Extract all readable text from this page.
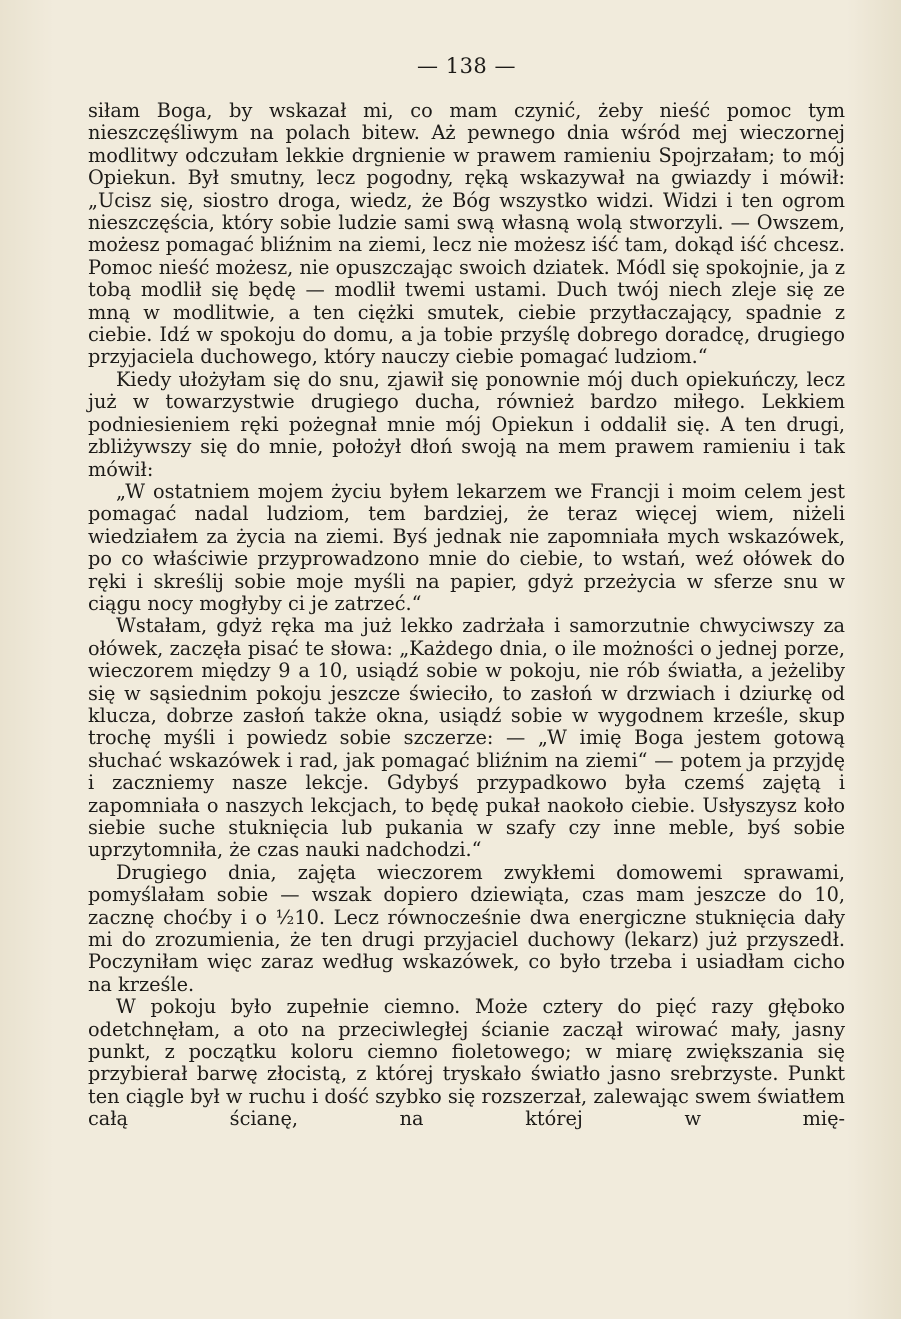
— 138 —

siłam Boga, by wskazał mi, co mam czynić, żeby nieść pomoc tym nieszczęśliwym na polach bitew. Aż pewnego dnia wśród mej wieczornej modlitwy odczułam lekkie drgnienie w prawem ramieniu Spojrzałam; to mój Opiekun. Był smutny, lecz pogodny, ręką wskazywał na gwiazdy i mówił: „Ucisz się, siostro droga, wiedz, że Bóg wszystko widzi. Widzi i ten ogrom nieszczęścia, który sobie ludzie sami swą własną wolą stworzyli. — Owszem, możesz pomagać bliźnim na ziemi, lecz nie możesz iść tam, dokąd iść chcesz. Pomoc nieść możesz, nie opuszczając swoich dziatek. Módl się spokojnie, ja z tobą modlił się będę — modlił twemi ustami. Duch twój niech zleje się ze mną w modlitwie, a ten ciężki smutek, ciebie przytłaczający, spadnie z ciebie. Idź w spokoju do domu, a ja tobie przyślę dobrego doradcę, drugiego przyjaciela duchowego, który nauczy ciebie pomagać ludziom.“

Kiedy ułożyłam się do snu, zjawił się ponownie mój duch opiekuńczy, lecz już w towarzystwie drugiego ducha, również bardzo miłego. Lekkiem podniesieniem ręki pożegnał mnie mój Opiekun i oddalił się. A ten drugi, zbliżywszy się do mnie, położył dłoń swoją na mem prawem ramieniu i tak mówił:

„W ostatniem mojem życiu byłem lekarzem we Francji i moim celem jest pomagać nadal ludziom, tem bardziej, że teraz więcej wiem, niżeli wiedziałem za życia na ziemi. Byś jednak nie zapomniała mych wskazówek, po co właściwie przyprowadzono mnie do ciebie, to wstań, weź ołówek do ręki i skreślij sobie moje myśli na papier, gdyż przeżycia w sferze snu w ciągu nocy mogłyby ci je zatrzeć.“

Wstałam, gdyż ręka ma już lekko zadrżała i samorzutnie chwyciwszy za ołówek, zaczęła pisać te słowa: „Każdego dnia, o ile możności o jednej porze, wieczorem między 9 a 10, usiądź sobie w pokoju, nie rób światła, a jeżeliby się w sąsiednim pokoju jeszcze świeciło, to zasłoń w drzwiach i dziurkę od klucza, dobrze zasłoń także okna, usiądź sobie w wygodnem krześle, skup trochę myśli i powiedz sobie szczerze: — „W imię Boga jestem gotową słuchać wskazówek i rad, jak pomagać bliźnim na ziemi“ — potem ja przyjdę i zaczniemy nasze lekcje. Gdybyś przypadkowo była czemś zajętą i zapomniała o naszych lekcjach, to będę pukał naokoło ciebie. Usłyszysz koło siebie suche stuknięcia lub pukania w szafy czy inne meble, byś sobie uprzytomniła, że czas nauki nadchodzi.“

Drugiego dnia, zajęta wieczorem zwykłemi domowemi sprawami, pomyślałam sobie — wszak dopiero dziewiąta, czas mam jeszcze do 10, zacznę choćby i o ½10. Lecz równocześnie dwa energiczne stuknięcia dały mi do zrozumienia, że ten drugi przyjaciel duchowy (lekarz) już przyszedł. Poczyniłam więc zaraz według wskazówek, co było trzeba i usiadłam cicho na krześle.

W pokoju było zupełnie ciemno. Może cztery do pięć razy głęboko odetchnęłam, a oto na przeciwległej ścianie zaczął wirować mały, jasny punkt, z początku koloru ciemno fioletowego; w miarę zwiększania się przybierał barwę złocistą, z której tryskało światło jasno srebrzyste. Punkt ten ciągle był w ruchu i dość szybko się rozszerzał, zalewając swem światłem całą ścianę, na której w mię-
